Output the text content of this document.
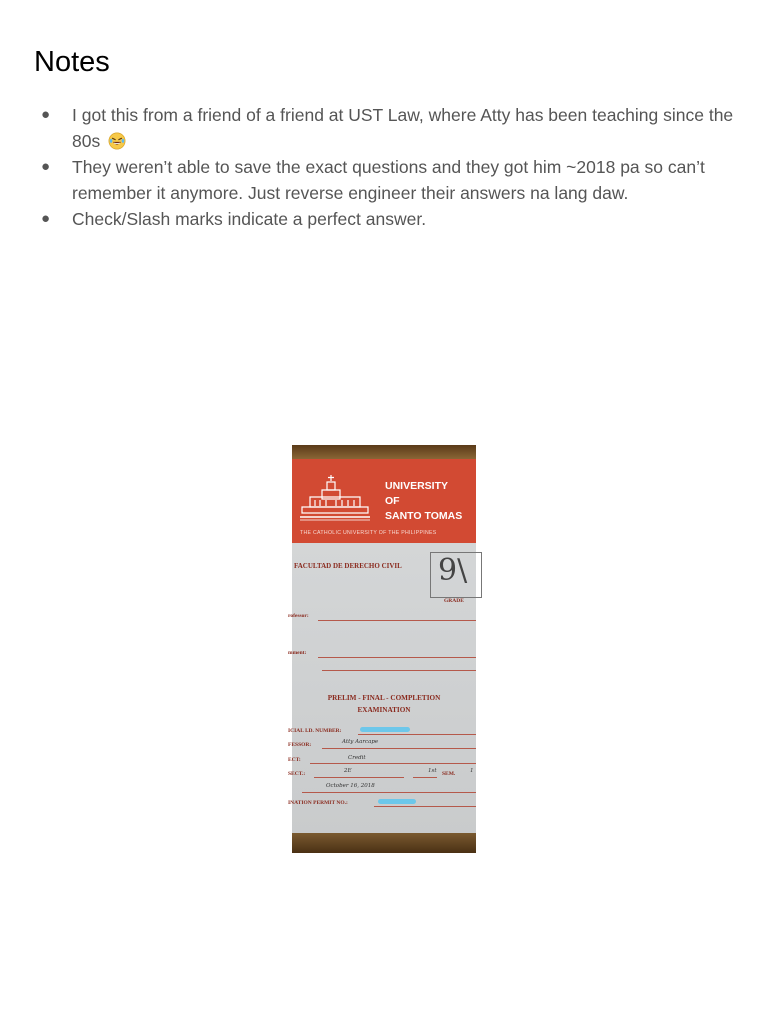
Notes
● I got this from a friend of a friend at UST Law, where Atty has been teaching since the 80s
● They weren’t able to save the exact questions and they got him ~2018 pa so can’t remember it anymore. Just reverse engineer their answers na lang daw.
● Check/Slash marks indicate a perfect answer.
UNIVERSITY
OF
SANTO TOMAS
THE CATHOLIC UNIVERSITY OF THE PHILIPPINES
FACULTAD DE DERECHO CIVIL 9\
GRADE
rofessor:
mment:
PRELIM - FINAL - COMPLETION
EXAMINATION
ICIAL I.D. NUMBER:
FESSOR:	Atty Aarcape
ECT:	Credit
SECT.:	2E	1st SEM.	1
October 16, 2018
INATION PERMIT NO.:
